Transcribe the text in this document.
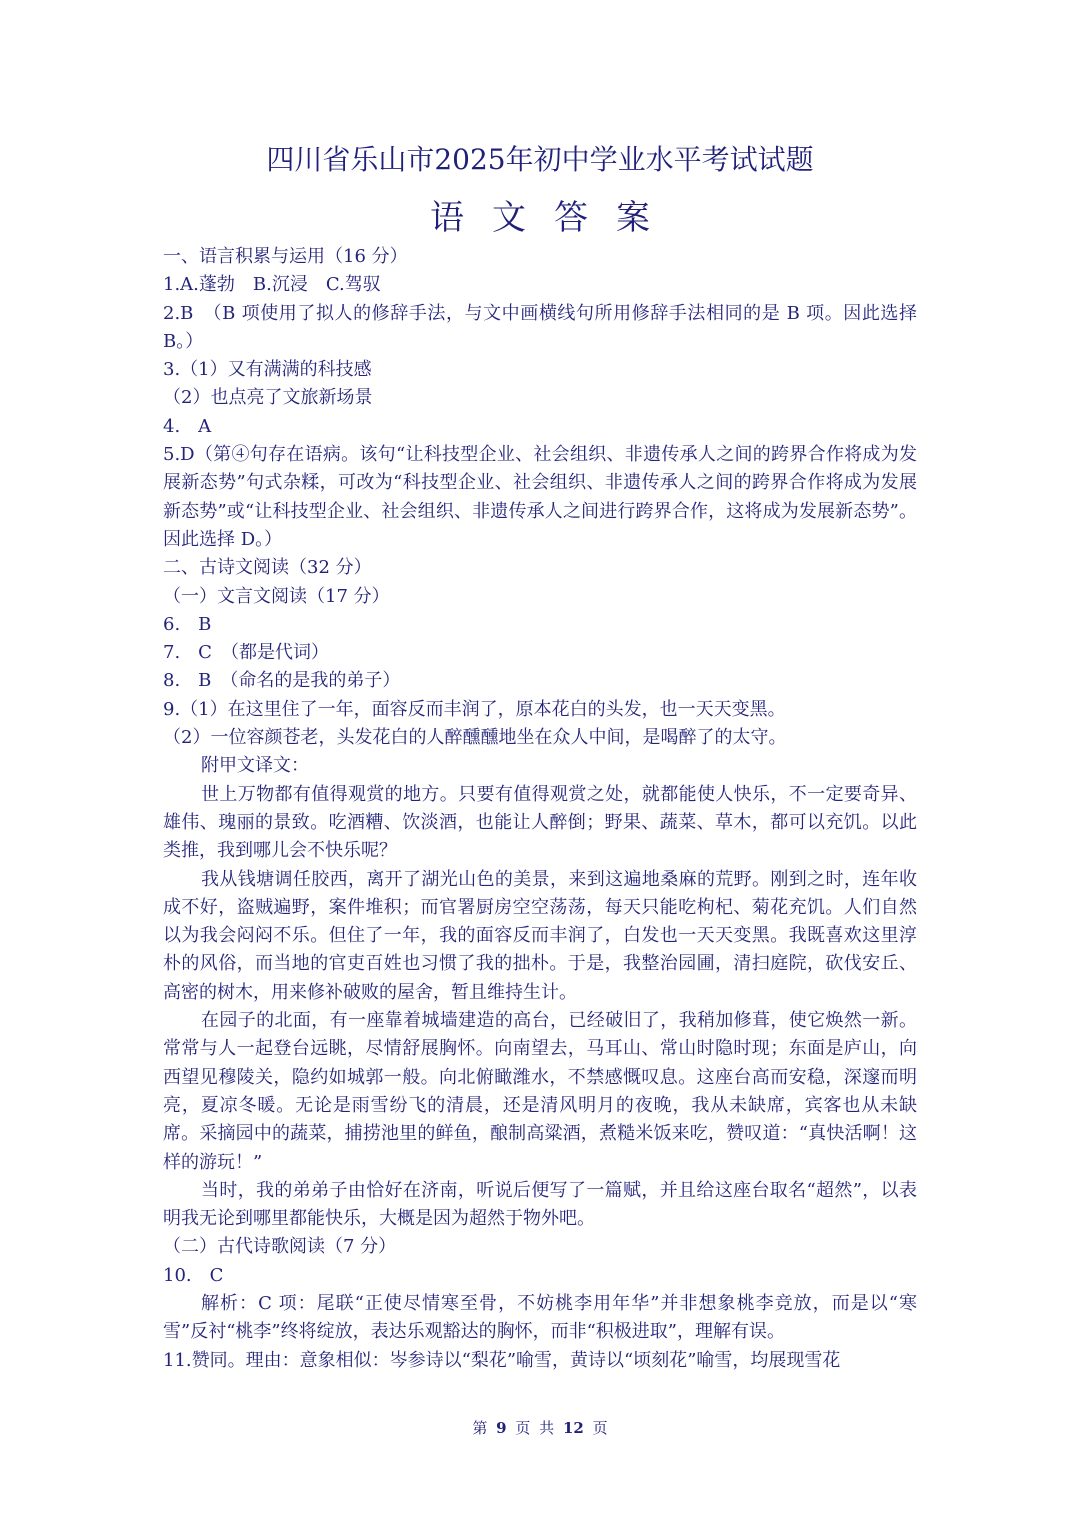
四川省乐山市2025年初中学业水平考试试题
语文答案

一、语言积累与运用（16 分）

1.A.蓬勃　B.沉浸　C.驾驭

2.B　（B 项使用了拟人的修辞手法，与文中画横线句所用修辞手法相同的是 B 项。因此选择 B。）

3.（1）又有满满的科技感

（2）也点亮了文旅新场景

4.　A

5.D（第④句存在语病。该句“让科技型企业、社会组织、非遗传承人之间的跨界合作将成为发展新态势”句式杂糅，可改为“科技型企业、社会组织、非遗传承人之间的跨界合作将成为发展新态势”或“让科技型企业、社会组织、非遗传承人之间进行跨界合作，这将成为发展新态势”。因此选择 D。）

二、古诗文阅读（32 分）

（一）文言文阅读（17 分）

6.　B

7.　C　（都是代词）

8.　B　（命名的是我的弟子）

9.（1）在这里住了一年，面容反而丰润了，原本花白的头发，也一天天变黑。

（2）一位容颜苍老，头发花白的人醉醺醺地坐在众人中间，是喝醉了的太守。

附甲文译文：

世上万物都有值得观赏的地方。只要有值得观赏之处，就都能使人快乐，不一定要奇异、雄伟、瑰丽的景致。吃酒糟、饮淡酒，也能让人醉倒；野果、蔬菜、草木，都可以充饥。以此类推，我到哪儿会不快乐呢？

我从钱塘调任胶西，离开了湖光山色的美景，来到这遍地桑麻的荒野。刚到之时，连年收成不好，盗贼遍野，案件堆积；而官署厨房空空荡荡，每天只能吃枸杞、菊花充饥。人们自然以为我会闷闷不乐。但住了一年，我的面容反而丰润了，白发也一天天变黑。我既喜欢这里淳朴的风俗，而当地的官吏百姓也习惯了我的拙朴。于是，我整治园圃，清扫庭院，砍伐安丘、高密的树木，用来修补破败的屋舍，暂且维持生计。

在园子的北面，有一座靠着城墙建造的高台，已经破旧了，我稍加修葺，使它焕然一新。常常与人一起登台远眺，尽情舒展胸怀。向南望去，马耳山、常山时隐时现；东面是庐山，向西望见穆陵关，隐约如城郭一般。向北俯瞰潍水，不禁感慨叹息。这座台高而安稳，深邃而明亮，夏凉冬暖。无论是雨雪纷飞的清晨，还是清风明月的夜晚，我从未缺席，宾客也从未缺席。采摘园中的蔬菜，捕捞池里的鲜鱼，酿制高粱酒，煮糙米饭来吃，赞叹道：“真快活啊！这样的游玩！”

当时，我的弟弟子由恰好在济南，听说后便写了一篇赋，并且给这座台取名“超然”，以表明我无论到哪里都能快乐，大概是因为超然于物外吧。

（二）古代诗歌阅读（7 分）

10.　C

解析：C 项：尾联“正使尽情寒至骨，不妨桃李用年华”并非想象桃李竞放，而是以“寒雪”反衬“桃李”终将绽放，表达乐观豁达的胸怀，而非“积极进取”，理解有误。

11.赞同。理由：意象相似：岑参诗以“梨花”喻雪，黄诗以“顷刻花”喻雪，均展现雪花

第 9 页 共 12 页
